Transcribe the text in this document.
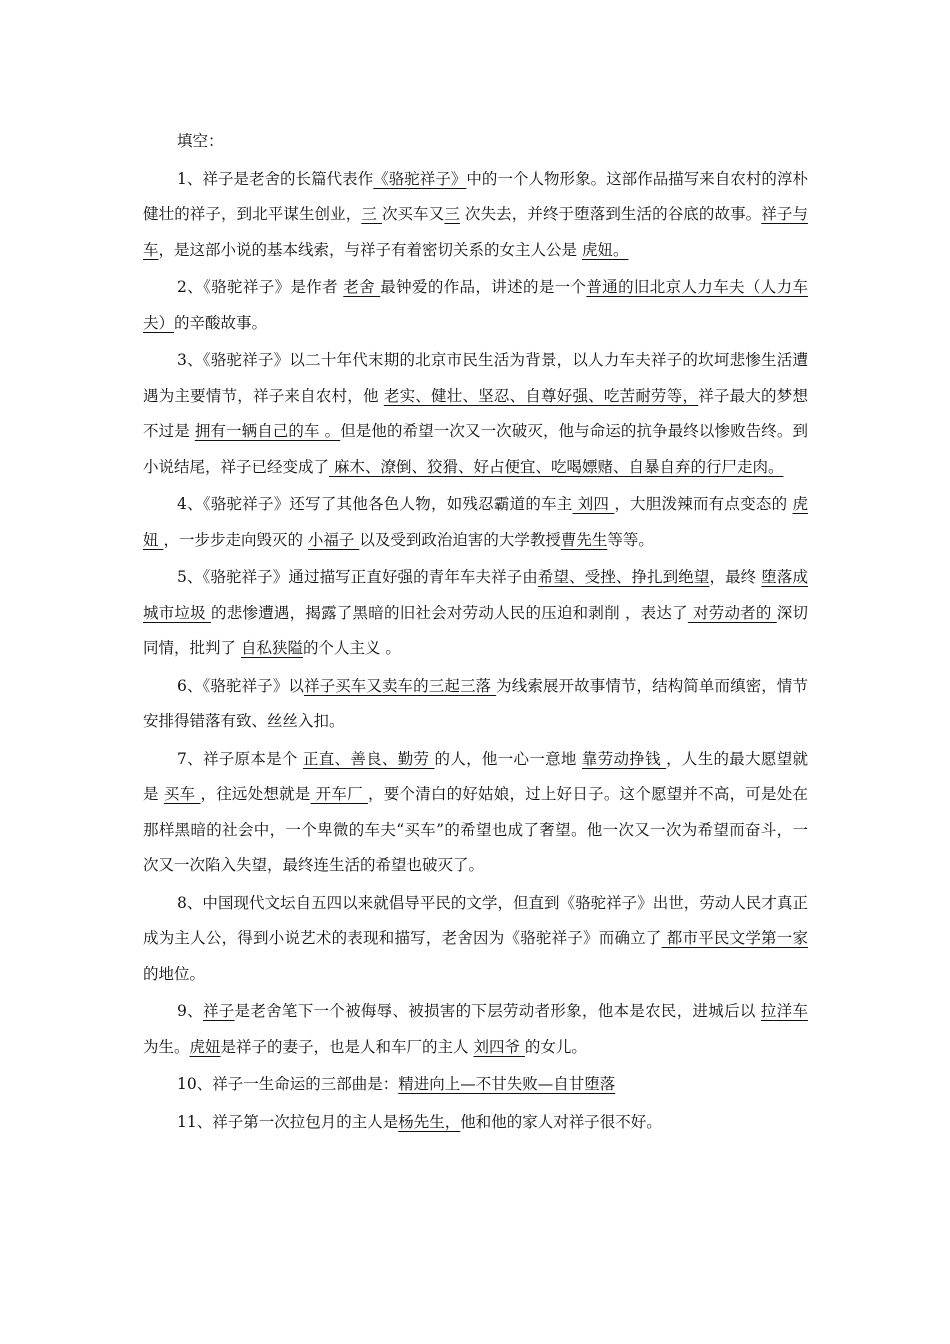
填空：

1、祥子是老舍的长篇代表作《骆驼祥子》中的一个人物形象。这部作品描写来自农村的淳朴健壮的祥子，到北平谋生创业，三 次买车又三 次失去，并终于堕落到生活的谷底的故事。祥子与车，是这部小说的基本线索，与祥子有着密切关系的女主人公是 虎妞。

2、《骆驼祥子》是作者 老舍 最钟爱的作品，讲述的是一个普通的旧北京人力车夫（人力车夫）的辛酸故事。

3、《骆驼祥子》以二十年代末期的北京市民生活为背景，以人力车夫祥子的坎坷悲惨生活遭遇为主要情节，祥子来自农村，他 老实、健壮、坚忍、自尊好强、吃苦耐劳等，祥子最大的梦想不过是 拥有一辆自己的车 。但是他的希望一次又一次破灭，他与命运的抗争最终以惨败告终。到小说结尾，祥子已经变成了 麻木、潦倒、狡猾、好占便宜、吃喝嫖赌、自暴自弃的行尸走肉。

4、《骆驼祥子》还写了其他各色人物，如残忍霸道的车主 刘四 ，大胆泼辣而有点变态的 虎妞 ，一步步走向毁灭的 小福子 以及受到政治迫害的大学教授曹先生等等。

5、《骆驼祥子》通过描写正直好强的青年车夫祥子由希望、受挫、挣扎到绝望，最终 堕落成城市垃圾 的悲惨遭遇，揭露了黑暗的旧社会对劳动人民的压迫和剥削 ，表达了 对劳动者的 深切同情，批判了 自私狭隘的个人主义 。

6、《骆驼祥子》以祥子买车又卖车的三起三落 为线索展开故事情节，结构简单而缜密，情节安排得错落有致、丝丝入扣。

7、祥子原本是个 正直、善良、勤劳 的人，他一心一意地 靠劳动挣钱 ，人生的最大愿望就是 买车 ，往远处想就是 开车厂 ，要个清白的好姑娘，过上好日子。这个愿望并不高，可是处在那样黑暗的社会中，一个卑微的车夫“买车”的希望也成了奢望。他一次又一次为希望而奋斗，一次又一次陷入失望，最终连生活的希望也破灭了。

8、中国现代文坛自五四以来就倡导平民的文学，但直到《骆驼祥子》出世，劳动人民才真正成为主人公，得到小说艺术的表现和描写，老舍因为《骆驼祥子》而确立了 都市平民文学第一家的地位。

9、祥子是老舍笔下一个被侮辱、被损害的下层劳动者形象，他本是农民，进城后以 拉洋车 为生。虎妞是祥子的妻子，也是人和车厂的主人 刘四爷 的女儿。

10、祥子一生命运的三部曲是：精进向上—不甘失败—自甘堕落

11、祥子第一次拉包月的主人是杨先生，他和他的家人对祥子很不好。
